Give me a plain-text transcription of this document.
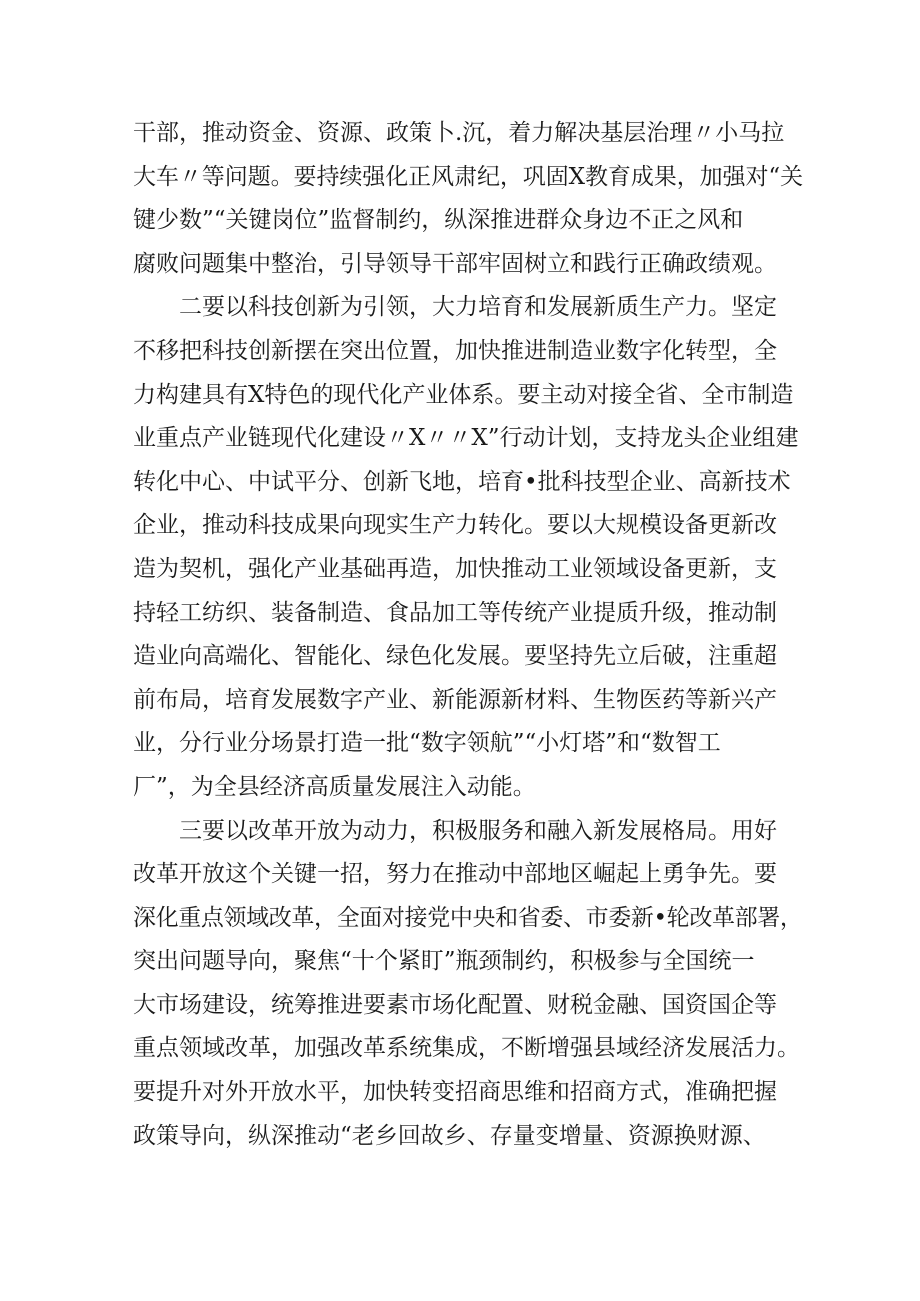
干部，推动资金、资源、政策卜.沉，着力解决基层治理〃小马拉
大车〃等问题。要持续强化正风肃纪，巩固X教育成果，加强对“关
键少数”“关键岗位”监督制约，纵深推进群众身边不正之风和
腐败问题集中整治，引导领导干部牢固树立和践行正确政绩观。
二要以科技创新为引领，大力培育和发展新质生产力。坚定
不移把科技创新摆在突出位置，加快推进制造业数字化转型，全
力构建具有X特色的现代化产业体系。要主动对接全省、全市制造
业重点产业链现代化建设〃X〃〃X”行动计划，支持龙头企业组建
转化中心、中试平分、创新飞地，培育•批科技型企业、高新技术
企业，推动科技成果向现实生产力转化。要以大规模设备更新改
造为契机，强化产业基础再造，加快推动工业领域设备更新，支
持轻工纺织、装备制造、食品加工等传统产业提质升级，推动制
造业向高端化、智能化、绿色化发展。要坚持先立后破，注重超
前布局，培育发展数字产业、新能源新材料、生物医药等新兴产
业，分行业分场景打造一批“数字领航”“小灯塔”和“数智工
厂”，为全县经济高质量发展注入动能。
三要以改革开放为动力，积极服务和融入新发展格局。用好
改革开放这个关键一招，努力在推动中部地区崛起上勇争先。要
深化重点领域改革，全面对接党中央和省委、市委新•轮改革部署，
突出问题导向，聚焦“十个紧盯”瓶颈制约，积极参与全国统一
大市场建设，统筹推进要素市场化配置、财税金融、国资国企等
重点领域改革，加强改革系统集成，不断增强县域经济发展活力。
要提升对外开放水平，加快转变招商思维和招商方式，准确把握
政策导向，纵深推动“老乡回故乡、存量变增量、资源换财源、
